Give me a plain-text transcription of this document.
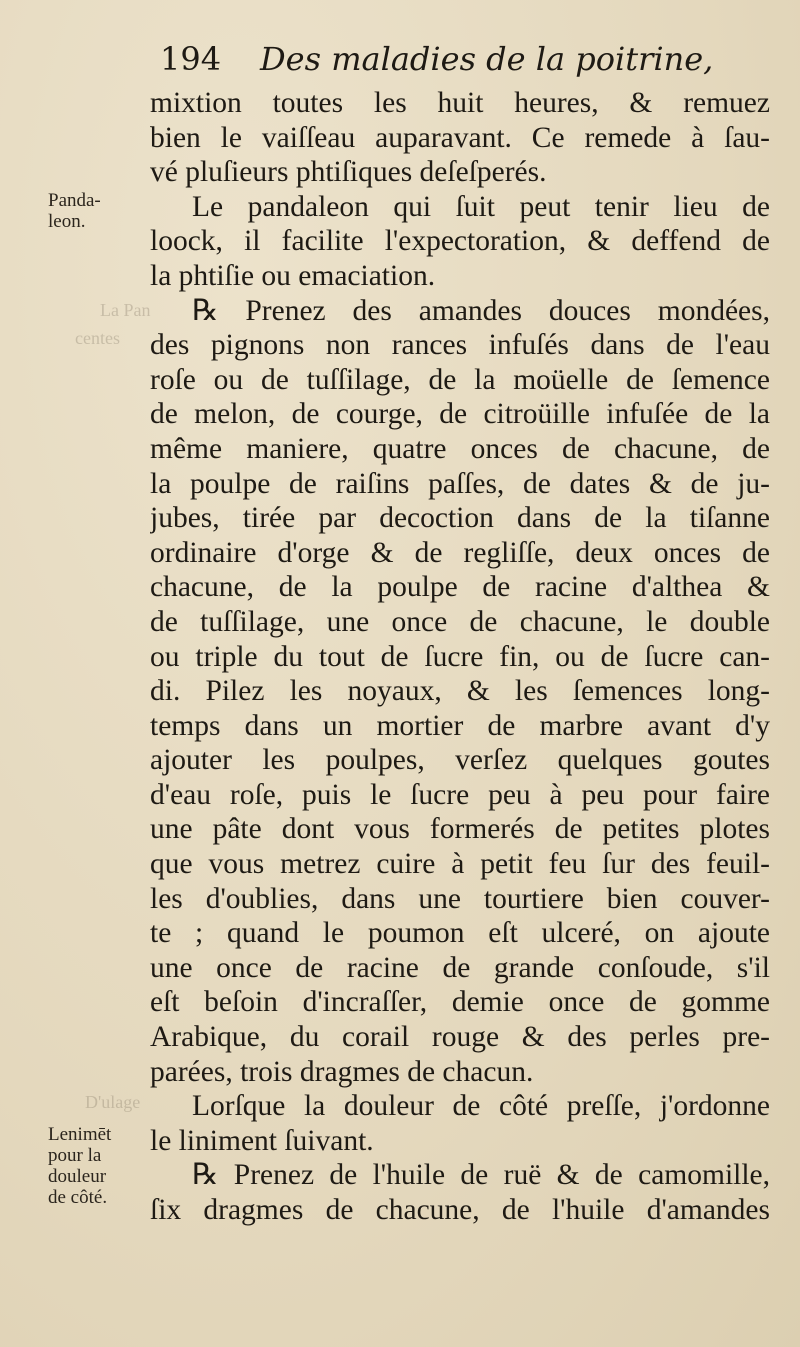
194 Des maladies de la poitrine,
Panda-
leon.
Lenimēt
pour la
douleur
de côté.
La Pan
centes
D'ulage
mixtion toutes les huit heures, & remuez
bien le vaiſſeau auparavant. Ce remede à ſau-
vé pluſieurs phtiſiques deſeſperés.
Le pandaleon qui ſuit peut tenir lieu de
loock, il facilite l'expectoration, & deffend de
la phtiſie ou emaciation.
℞ Prenez des amandes douces mondées,
des pignons non rances infuſés dans de l'eau
roſe ou de tuſſilage, de la moüelle de ſemence
de melon, de courge, de citroüille infuſée de la
même maniere, quatre onces de chacune, de
la poulpe de raiſins paſſes, de dates & de ju-
jubes, tirée par decoction dans de la tiſanne
ordinaire d'orge & de regliſſe, deux onces de
chacune, de la poulpe de racine d'althea &
de tuſſilage, une once de chacune, le double
ou triple du tout de ſucre fin, ou de ſucre can-
di. Pilez les noyaux, & les ſemences long-
temps dans un mortier de marbre avant d'y
ajouter les poulpes, verſez quelques goutes
d'eau roſe, puis le ſucre peu à peu pour faire
une pâte dont vous formerés de petites plotes
que vous metrez cuire à petit feu ſur des feuil-
les d'oublies, dans une tourtiere bien couver-
te ; quand le poumon eſt ulceré, on ajoute
une once de racine de grande conſoude, s'il
eſt beſoin d'incraſſer, demie once de gomme
Arabique, du corail rouge & des perles pre-
parées, trois dragmes de chacun.
Lorſque la douleur de côté preſſe, j'ordonne
le liniment ſuivant.
℞ Prenez de l'huile de ruë & de camomille,
ſix dragmes de chacune, de l'huile d'amandes
